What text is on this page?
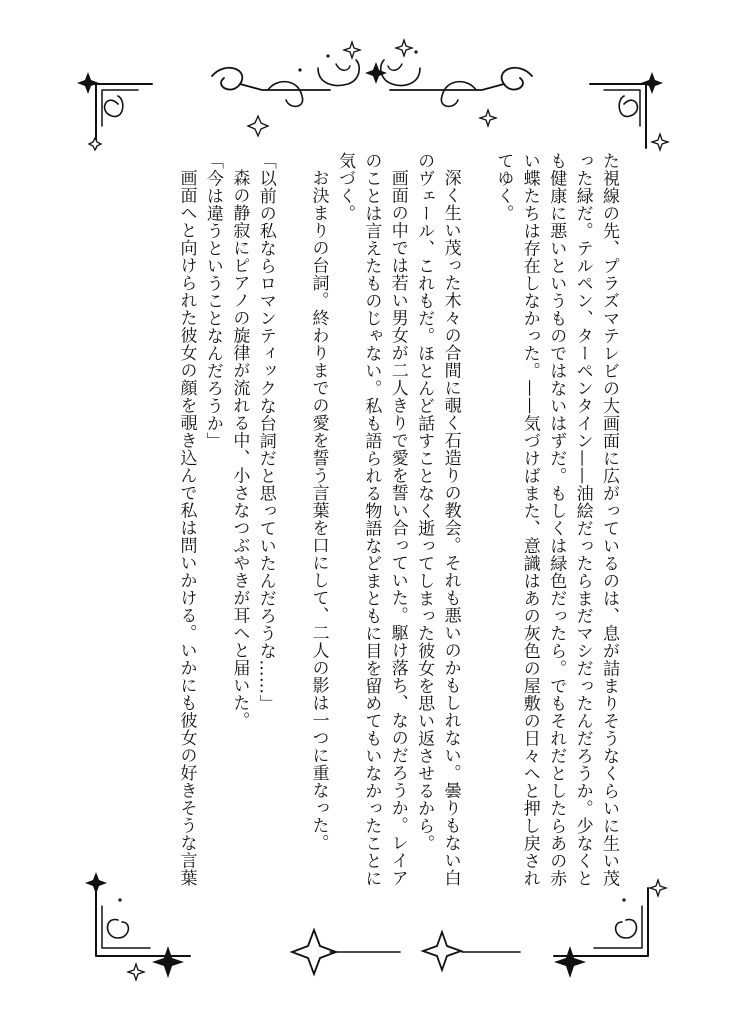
た視線の先、プラズマテレビの大画面に広がっているのは、息が詰まりそうなくらいに生い茂った緑だ。テルペン、ターペンタイン——油絵だったらまだマシだったんだろうか。少なくとも健康に悪いというものではないはずだ。もしくは緑色だったら。でもそれだとしたらあの赤い蝶たちは存在しなかった。——気づけばまた、意識はあの灰色の屋敷の日々へと押し戻されてゆく。

深く生い茂った木々の合間に覗く石造りの教会。それも悪いのかもしれない。曇りもない白のヴェール、これもだ。ほとんど話すことなく逝ってしまった彼女を思い返させるから。

画面の中では若い男女が二人きりで愛を誓い合っていた。駆け落ち、なのだろうか。レイアのことは言えたものじゃない。私も語られる物語などまともに目を留めてもいなかったことに気づく。

お決まりの台詞。終わりまでの愛を誓う言葉を口にして、二人の影は一つに重なった。

「以前の私ならロマンティックな台詞だと思っていたんだろうな……」

森の静寂にピアノの旋律が流れる中、小さなつぶやきが耳へと届いた。

「今は違うということなんだろうか」

画面へと向けられた彼女の顔を覗き込んで私は問いかける。いかにも彼女の好きそうな言葉
